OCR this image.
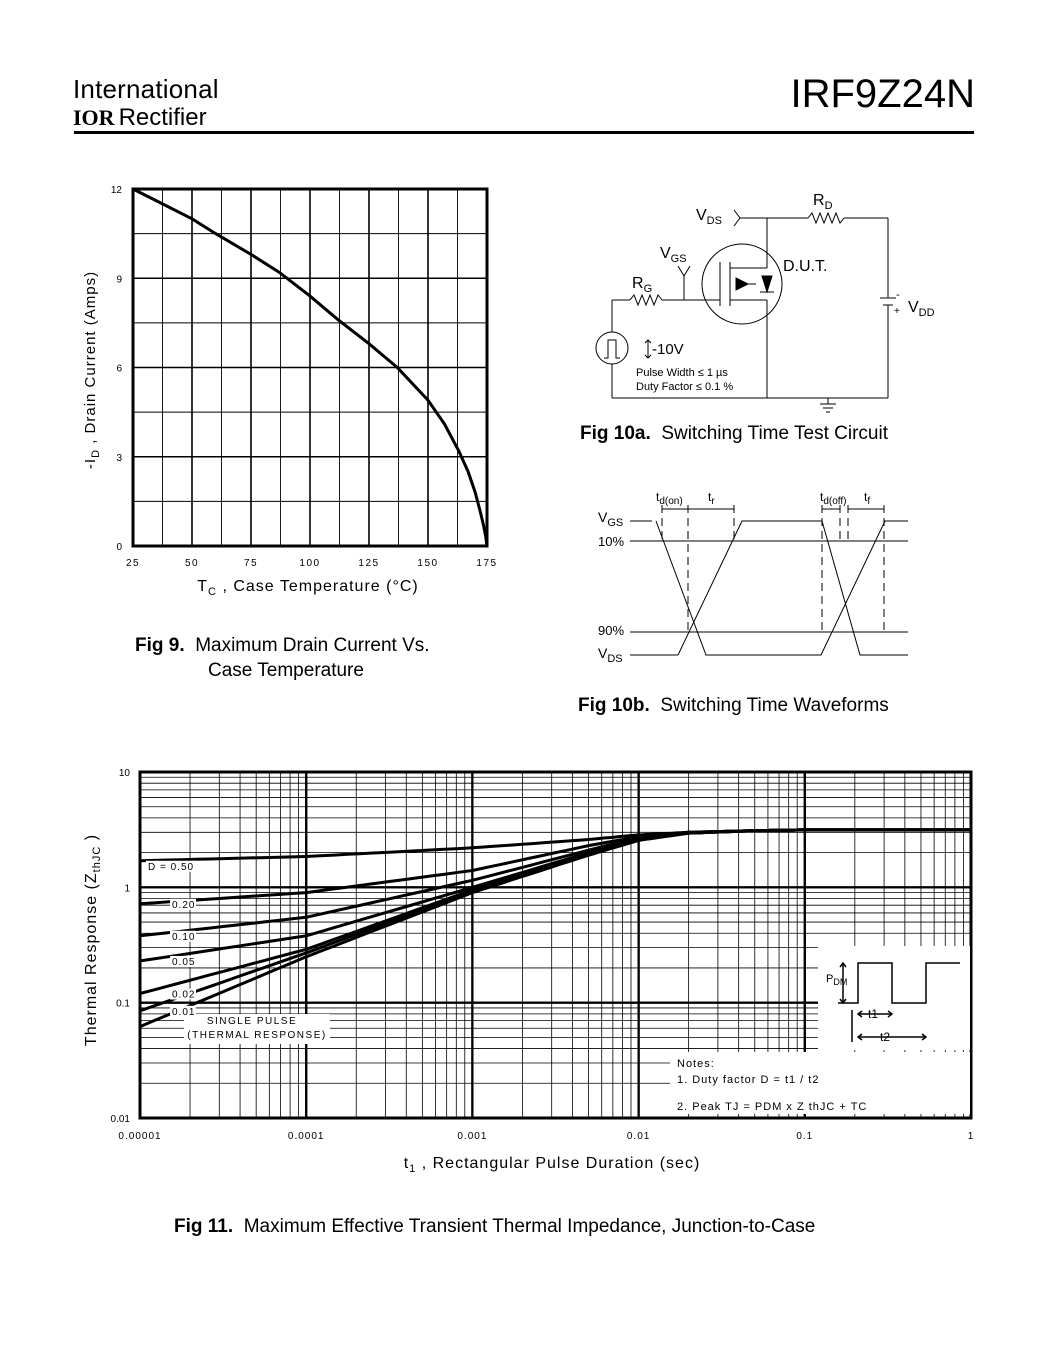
International
IOR Rectifier
IRF9Z24N
25	50	75	100	125	150	175
0
3
6
9
12
$T_C$ , Case Temperature (°C)
$-I_D$ , Drain Current (Amps)
Fig 9. Maximum Drain Current Vs.
Case Temperature
$V_{DS}$
$R_D$
$V_{GS}$
$R_G$
D.U.T.
-
+ $V_{DD}$
-10V
Pulse Width ≤ 1 µs
Duty Factor ≤ 0.1 %
Fig 10a. Switching Time Test Circuit
$t_{d(on)}$ $t_r$	$t_{d(off)}$ $t_f$
$V_{GS}$
10%
90%
$V_{DS}$
Fig 10b. Switching Time Waveforms
$P_{DM}$
t1
t2
Notes:
1. Duty factor D = t1 / t2
2. Peak TJ = PDM x Z thJC + TC
SINGLE PULSE
(THERMAL RESPONSE)
D = 0.50
0.20
0.10
0.05
0.02
0.01
0.00001	0.0001	0.001	0.01	0.1	1
0.01
0.1
1
10
$t_1$ , Rectangular Pulse Duration (sec)
Thermal Response ($Z_{thJC}$ )
Fig 11. Maximum Effective Transient Thermal Impedance, Junction-to-Case
